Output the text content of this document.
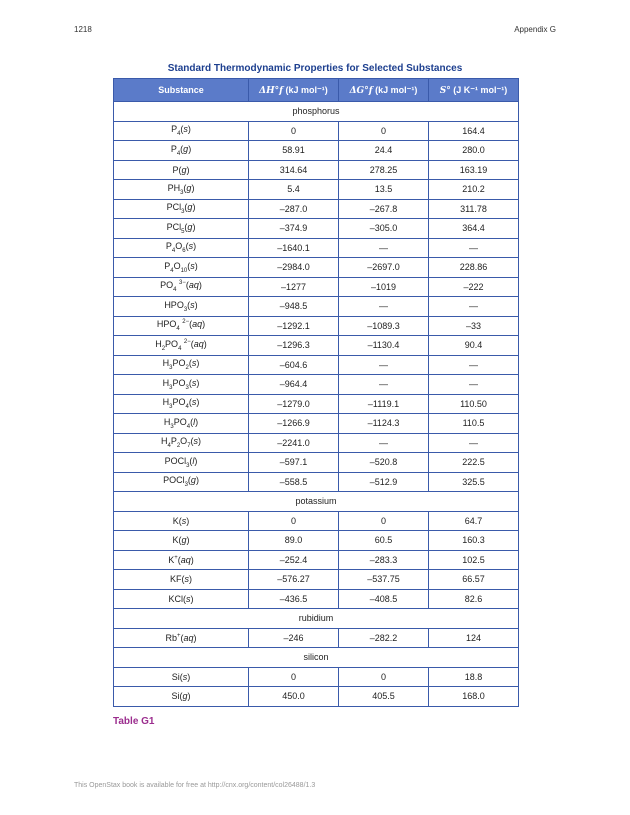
1218	Appendix G
Standard Thermodynamic Properties for Selected Substances
Substance	ΔH°f (kJ mol⁻¹)	ΔG°f (kJ mol⁻¹)	S° (J K⁻¹ mol⁻¹)
phosphorus			
$P_4(s)$	0	0	164.4
$P_4(g)$	58.91	24.4	280.0
P(g)	314.64	278.25	163.19
$PH_3(g)$	5.4	13.5	210.2
PCl$_3$(g)	–287.0	–267.8	311.78
PCl$_5$(g)	–374.9	–305.0	364.4
$P_4O_6(s)$	–1640.1	—	—
$P_4O_{10}(s)$	–2984.0	–2697.0	228.86
$PO_4$ $^{3-}$(aq)	–1277	–1019	–222
$HPO_3(s)$	–948.5	—	—
$HPO_4$ $^{2-}$(aq)	–1292.1	–1089.3	–33
$H_2PO_4$ $^{2-}$(aq)	–1296.3	–1130.4	90.4
$H_3PO_2(s)$	–604.6	—	—
$H_3PO_3(s)$	–964.4	—	—
$H_3PO_4(s)$	–1279.0	–1119.1	110.50
$H_3PO_4(l)$	–1266.9	–1124.3	110.5
$H_4P_2O_7(s)$	–2241.0	—	—
POCl$_3$(l)	–597.1	–520.8	222.5
POCl$_3$(g)	–558.5	–512.9	325.5
potassium			
K(s)	0	0	64.7
K(g)	89.0	60.5	160.3
K+(aq)	–252.4	–283.3	102.5
KF(s)	–576.27	–537.75	66.57
KCl(s)	–436.5	–408.5	82.6
rubidium			
Rb+(aq)	–246	–282.2	124
silicon			
Si(s)	0	0	18.8
Si(g)	450.0	405.5	168.0
Table G1
This OpenStax book is available for free at http://cnx.org/content/col26488/1.3
